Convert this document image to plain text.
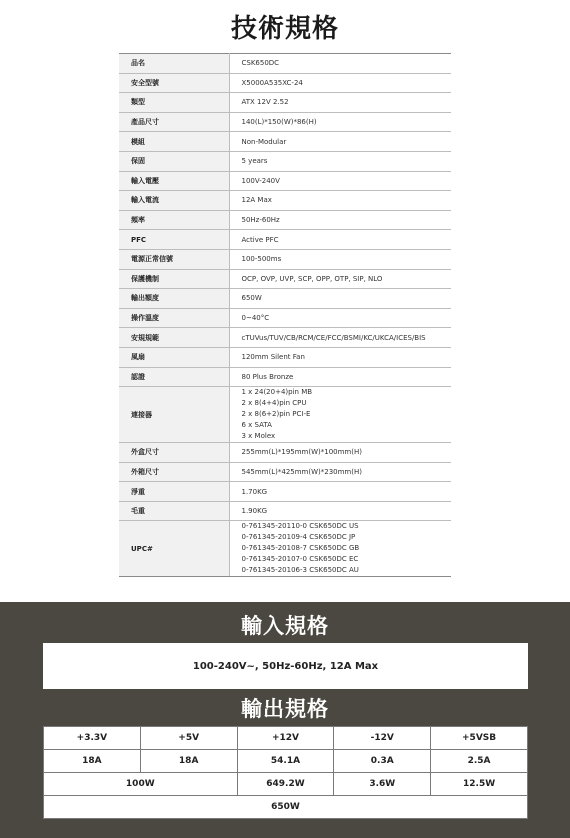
技術規格
品名	CSK650DC
安全型號	X5000A535XC-24
類型	ATX 12V 2.52
產品尺寸	140(L)*150(W)*86(H)
模組	Non-Modular
保固	5 years
輸入電壓	100V-240V
輸入電流	12A Max
頻率	50Hz-60Hz
PFC	Active PFC
電源正常信號	100-500ms
保護機制	OCP, OVP, UVP, SCP, OPP, OTP, SIP, NLO
輸出額度	650W
操作溫度	0~40°C
安規規範	cTUVus/TUV/CB/RCM/CE/FCC/BSMI/KC/UKCA/ICES/BIS
風扇	120mm Silent Fan
認證	80 Plus Bronze
連接器	1 x 24(20+4)pin MB
2 x 8(4+4)pin CPU
2 x 8(6+2)pin PCI-E
6 x SATA
3 x Molex

外盒尺寸	255mm(L)*195mm(W)*100mm(H)
外箱尺寸	545mm(L)*425mm(W)*230mm(H)
淨重	1.70KG
毛重	1.90KG
UPC#	0-761345-20110-0 CSK650DC US
0-761345-20109-4 CSK650DC JP
0-761345-20108-7 CSK650DC GB
0-761345-20107-0 CSK650DC EC
0-761345-20106-3 CSK650DC AU
輸入規格
100-240V~, 50Hz-60Hz, 12A Max
輸出規格
+3.3V	+5V	+12V	-12V	+5VSB
18A	18A	54.1A	0.3A	2.5A
100W		649.2W	3.6W	12.5W
650W				
